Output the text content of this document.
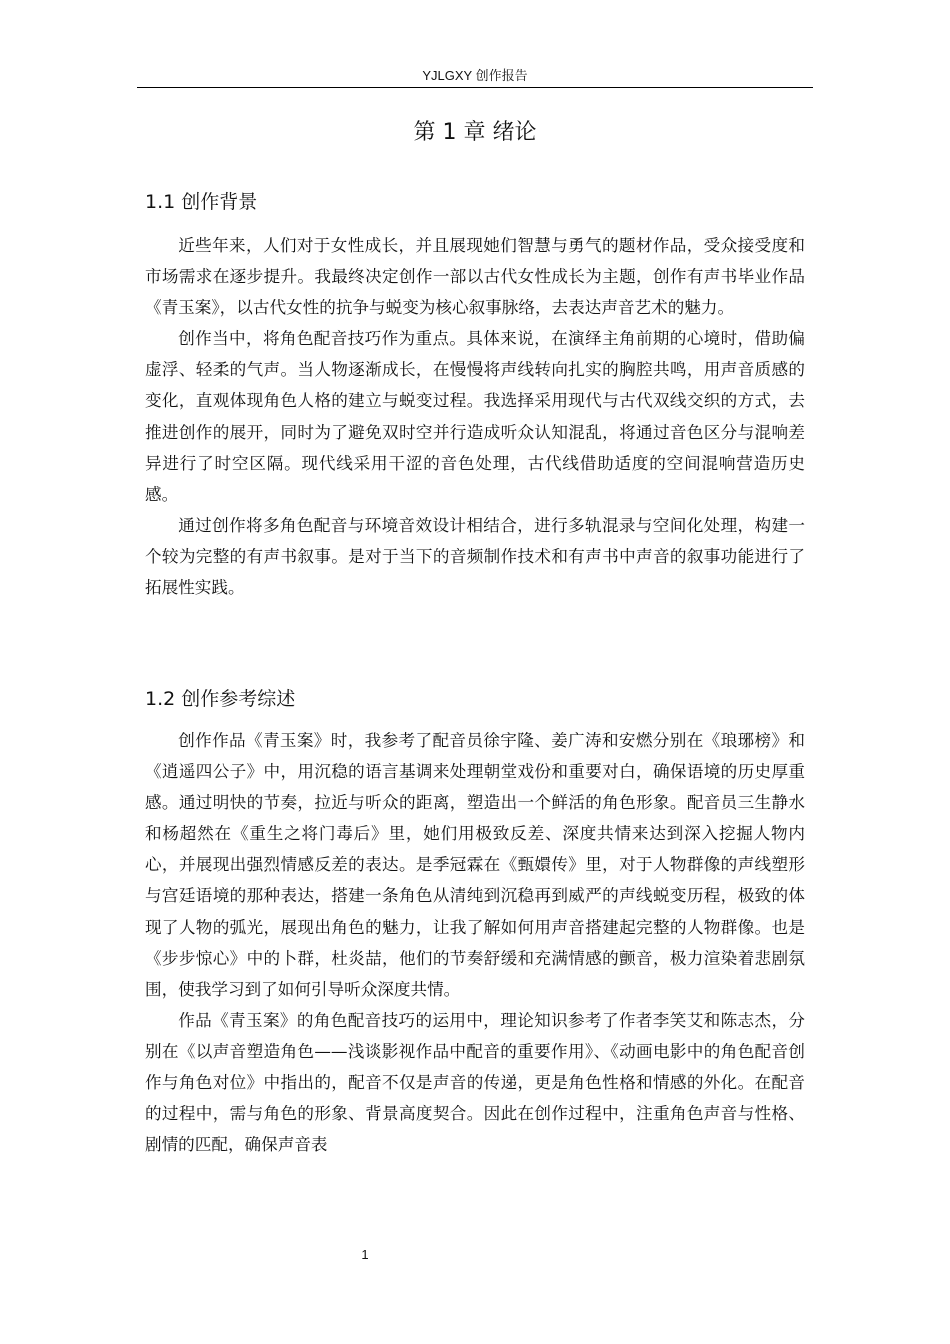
YJLGXY 创作报告
第 1 章 绪论
1.1 创作背景

近些年来，人们对于女性成长，并且展现她们智慧与勇气的题材作品，受众接受度和市场需求在逐步提升。我最终决定创作一部以古代女性成长为主题，创作有声书毕业作品《青玉案》，以古代女性的抗争与蜕变为核心叙事脉络，去表达声音艺术的魅力。

创作当中，将角色配音技巧作为重点。具体来说，在演绎主角前期的心境时，借助偏虚浮、轻柔的气声。当人物逐渐成长，在慢慢将声线转向扎实的胸腔共鸣，用声音质感的变化，直观体现角色人格的建立与蜕变过程。我选择采用现代与古代双线交织的方式，去推进创作的展开，同时为了避免双时空并行造成听众认知混乱，将通过音色区分与混响差异进行了时空区隔。现代线采用干涩的音色处理，古代线借助适度的空间混响营造历史感。

通过创作将多角色配音与环境音效设计相结合，进行多轨混录与空间化处理，构建一个较为完整的有声书叙事。是对于当下的音频制作技术和有声书中声音的叙事功能进行了拓展性实践。

1.2 创作参考综述

创作作品《青玉案》时，我参考了配音员徐宇隆、姜广涛和安燃分别在《琅琊榜》和《逍遥四公子》中，用沉稳的语言基调来处理朝堂戏份和重要对白，确保语境的历史厚重感。通过明快的节奏，拉近与听众的距离，塑造出一个鲜活的角色形象。配音员三生静水和杨超然在《重生之将门毒后》里，她们用极致反差、深度共情来达到深入挖掘人物内心，并展现出强烈情感反差的表达。是季冠霖在《甄嬛传》里，对于人物群像的声线塑形与宫廷语境的那种表达，搭建一条角色从清纯到沉稳再到威严的声线蜕变历程，极致的体现了人物的弧光，展现出角色的魅力，让我了解如何用声音搭建起完整的人物群像。也是《步步惊心》中的卜群，杜炎喆，他们的节奏舒缓和充满情感的颤音，极力渲染着悲剧氛围，使我学习到了如何引导听众深度共情。

作品《青玉案》的角色配音技巧的运用中，理论知识参考了作者李笑艾和陈志杰，分别在《以声音塑造角色——浅谈影视作品中配音的重要作用》、《动画电影中的角色配音创作与角色对位》中指出的，配音不仅是声音的传递，更是角色性格和情感的外化。在配音的过程中，需与角色的形象、背景高度契合。因此在创作过程中，注重角色声音与性格、剧情的匹配，确保声音表

1
